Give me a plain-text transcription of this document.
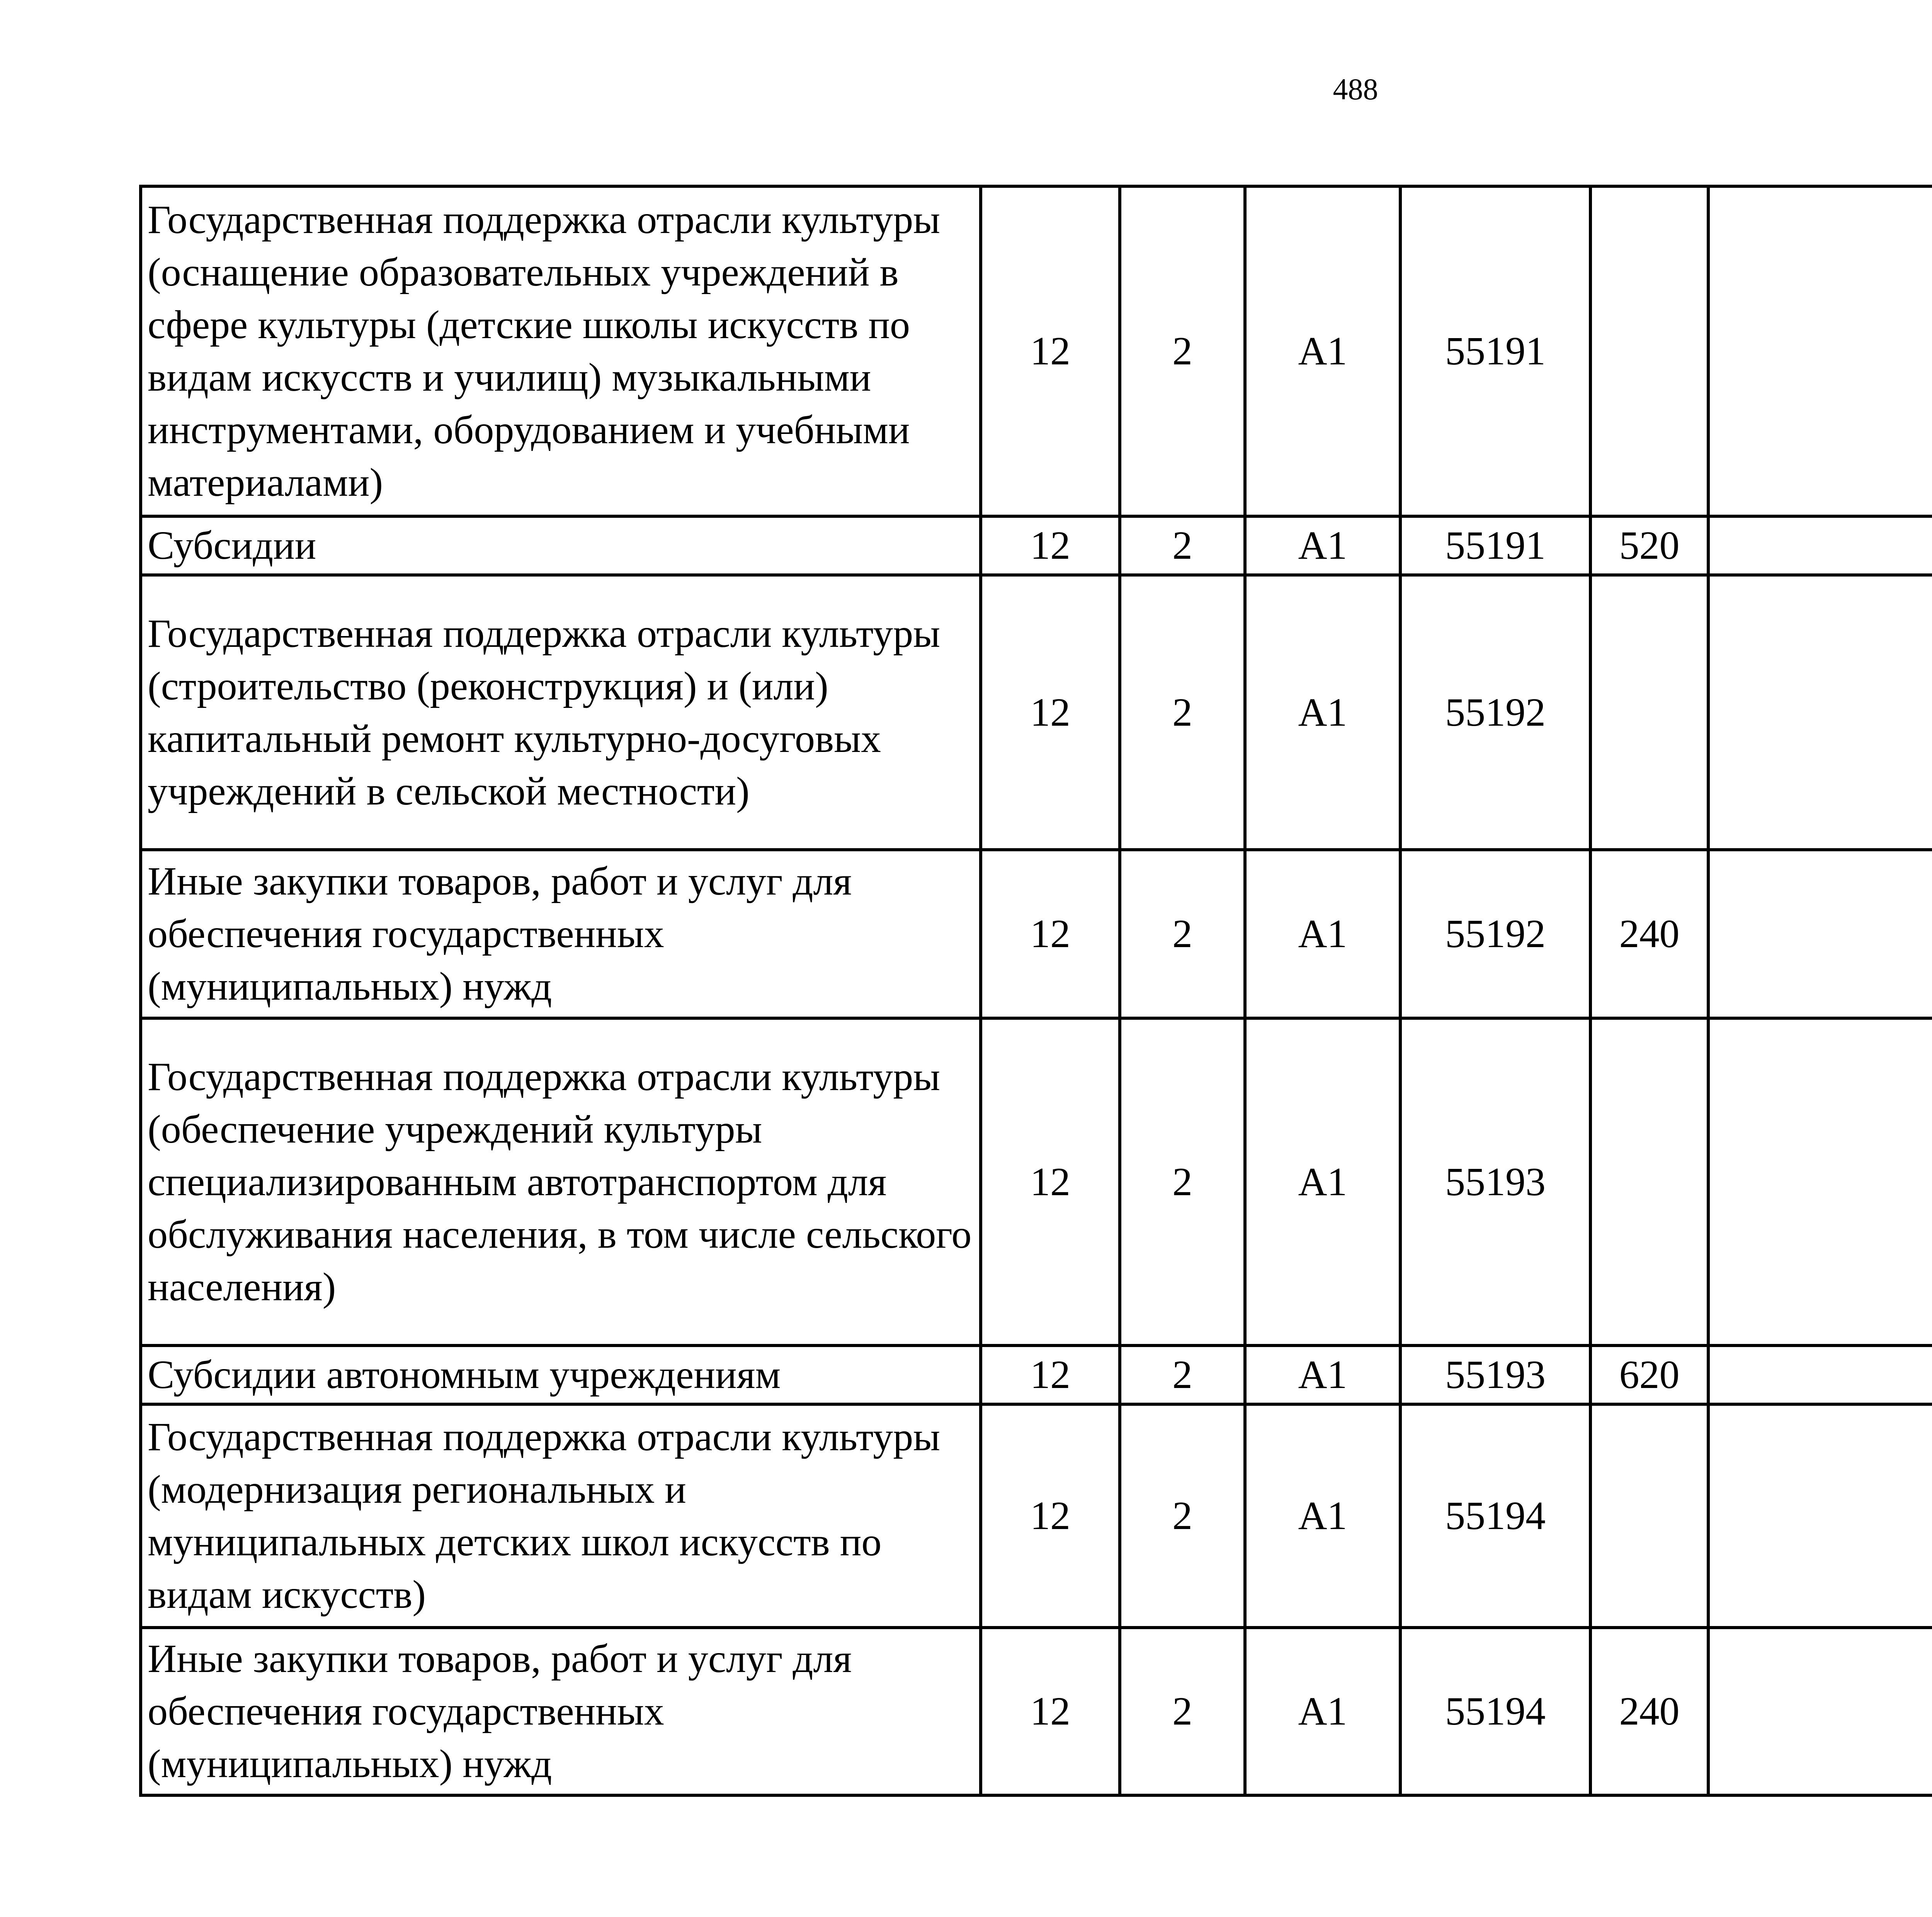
488
Государственная поддержка отрасли культуры (оснащение образовательных учреждений в сфере культуры (детские школы искусств по видам искусств и училищ) музыкальными инструментами, оборудованием и учебными материалами)	12	2	А1	55191				
Субсидии	12	2	А1	55191	520			
Государственная поддержка отрасли культуры (строительство (реконструкция) и (или) капитальный ремонт культурно-досуговых учреждений в сельской местности)	12	2	А1	55192				
Иные закупки товаров, работ и услуг для обеспечения государственных (муниципальных) нужд	12	2	А1	55192	240			
Государственная поддержка отрасли культуры (обеспечение учреждений культуры специализированным автотранспортом для обслуживания населения, в том числе сельского населения)	12	2	А1	55193				
Субсидии автономным учреждениям	12	2	А1	55193	620			
Государственная поддержка отрасли культуры (модернизация региональных и муниципальных детских школ искусств по видам искусств)	12	2	А1	55194				
Иные закупки товаров, работ и услуг для обеспечения государственных (муниципальных) нужд	12	2	А1	55194	240			
